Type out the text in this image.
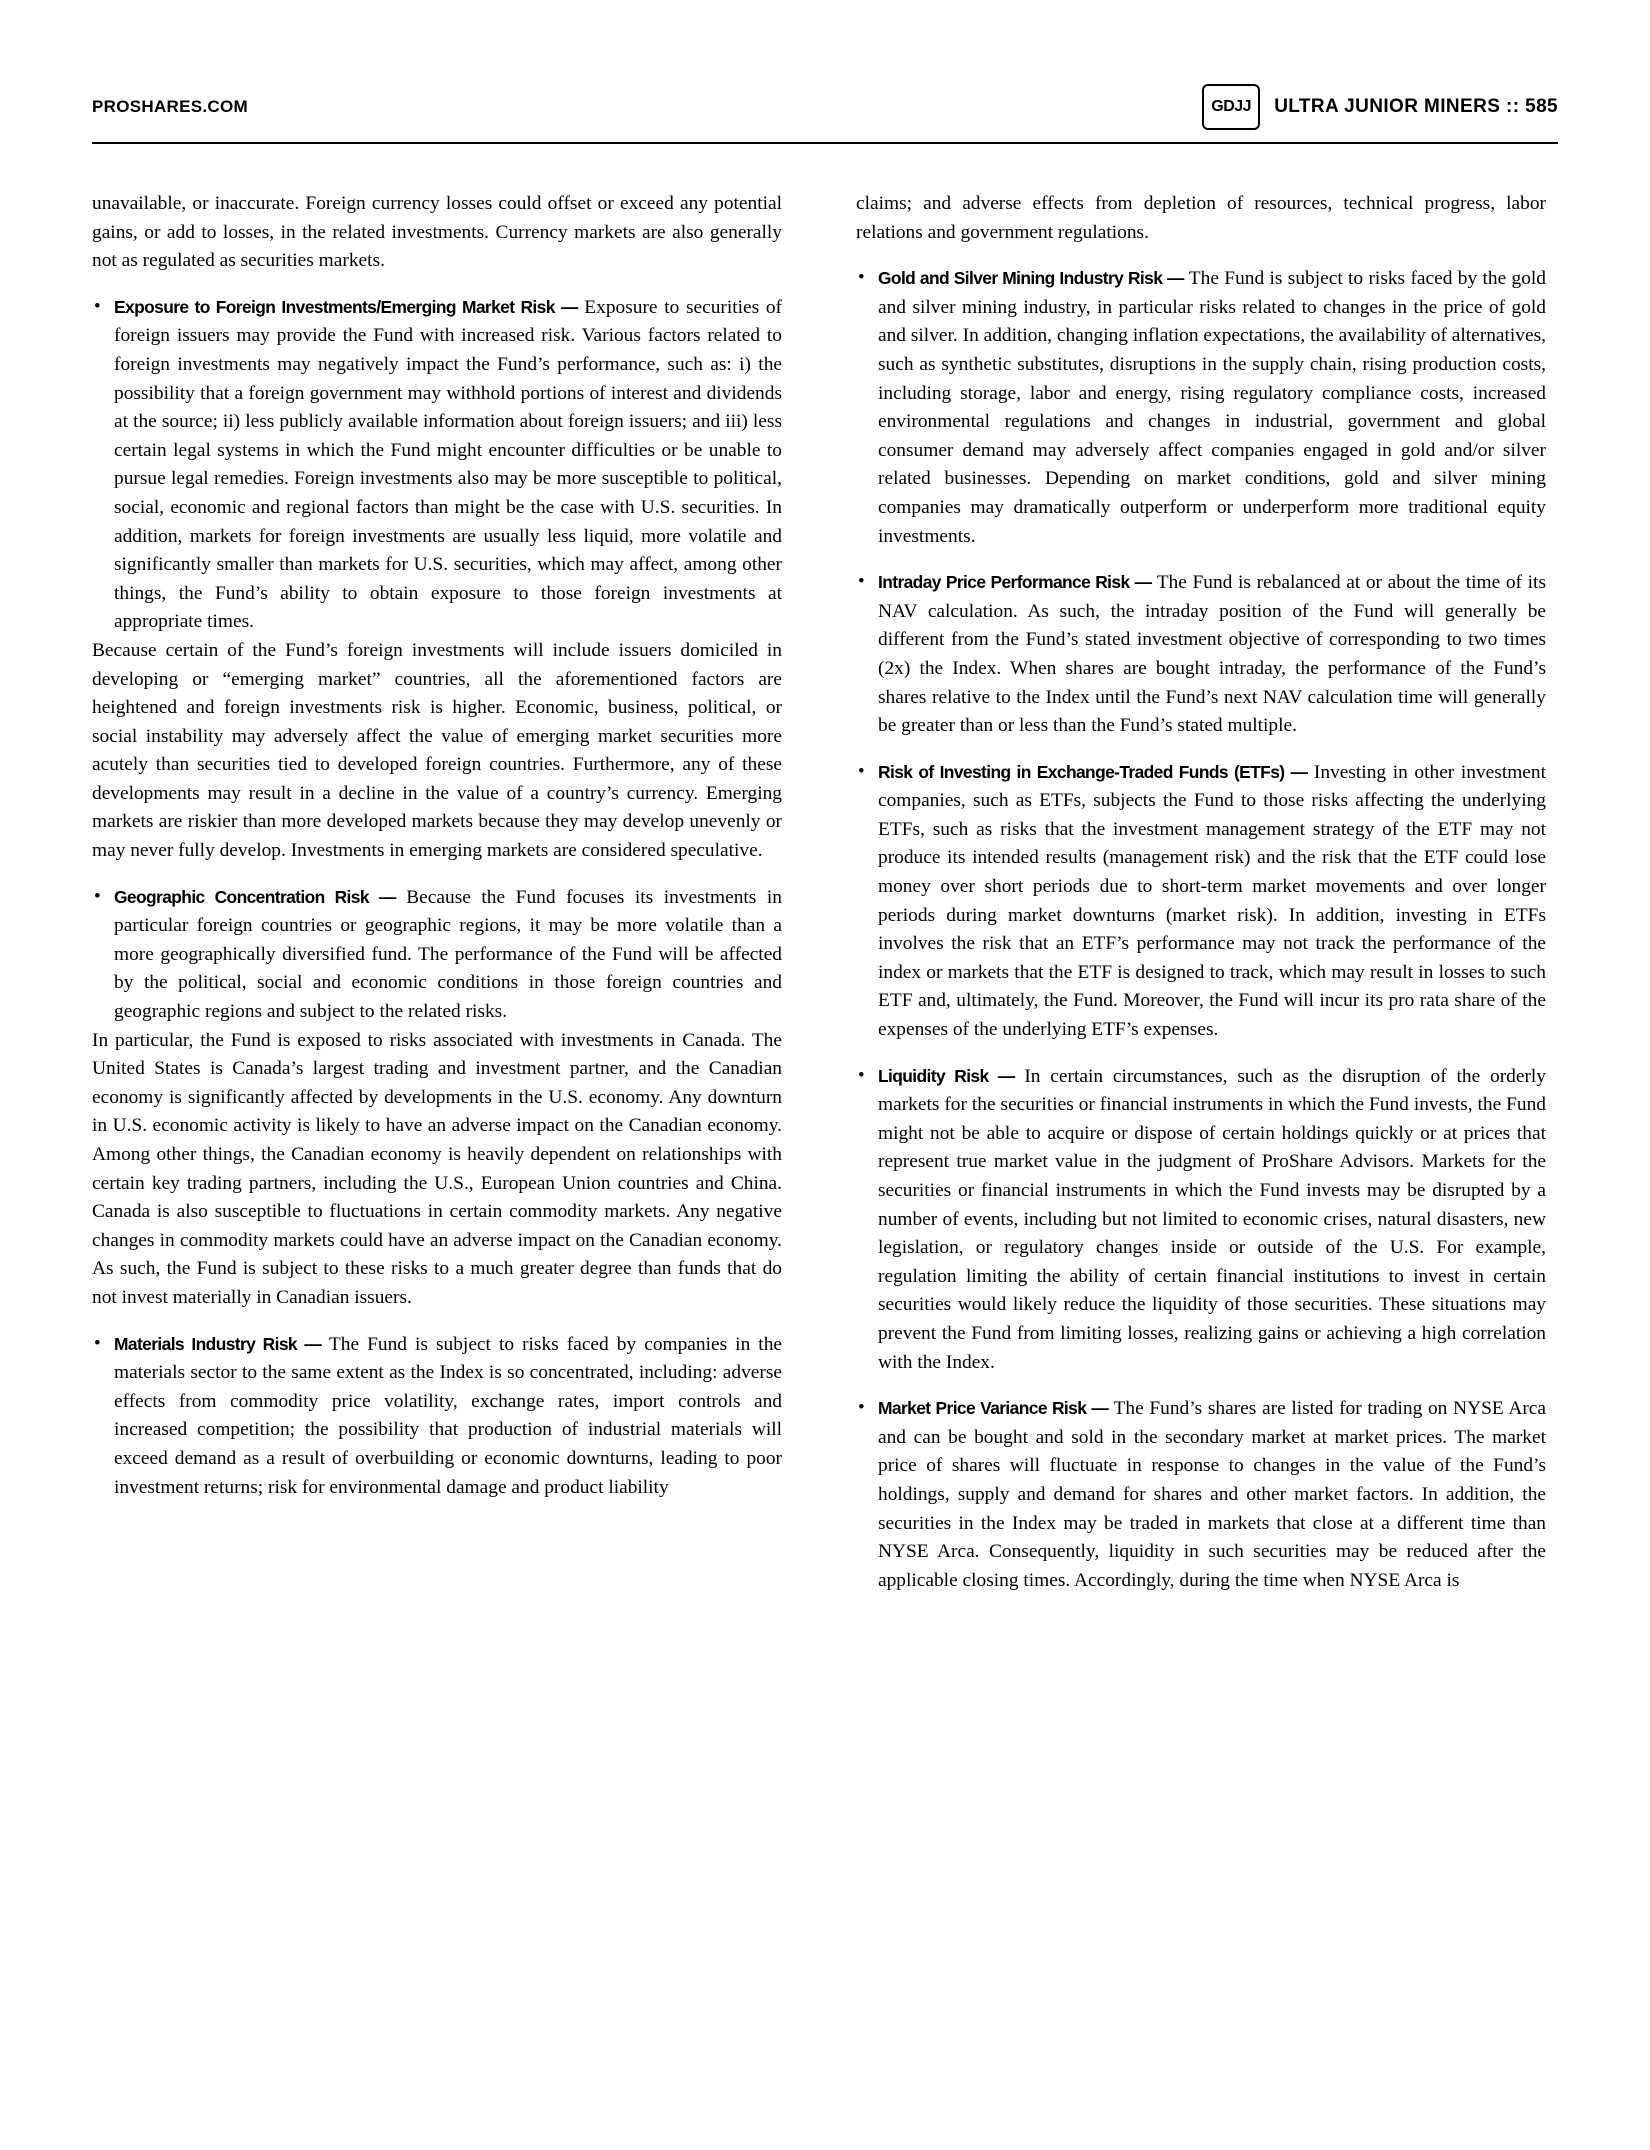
PROSHARES.COM	GDJJ	ULTRA JUNIOR MINERS :: 585

unavailable, or inaccurate. Foreign currency losses could offset or exceed any potential gains, or add to losses, in the related investments. Currency markets are also generally not as regulated as securities markets.

• Exposure to Foreign Investments/Emerging Market Risk — Exposure to securities of foreign issuers may provide the Fund with increased risk. Various factors related to foreign investments may negatively impact the Fund’s performance, such as: i) the possibility that a foreign government may withhold portions of interest and dividends at the source; ii) less publicly available information about foreign issuers; and iii) less certain legal systems in which the Fund might encounter difficulties or be unable to pursue legal remedies. Foreign investments also may be more susceptible to political, social, economic and regional factors than might be the case with U.S. securities. In addition, markets for foreign investments are usually less liquid, more volatile and significantly smaller than markets for U.S. securities, which may affect, among other things, the Fund’s ability to obtain exposure to those foreign investments at appropriate times.

Because certain of the Fund’s foreign investments will include issuers domiciled in developing or “emerging market” countries, all the aforementioned factors are heightened and foreign investments risk is higher. Economic, business, political, or social instability may adversely affect the value of emerging market securities more acutely than securities tied to developed foreign countries. Furthermore, any of these developments may result in a decline in the value of a country’s currency. Emerging markets are riskier than more developed markets because they may develop unevenly or may never fully develop. Investments in emerging markets are considered speculative.

• Geographic Concentration Risk — Because the Fund focuses its investments in particular foreign countries or geographic regions, it may be more volatile than a more geographically diversified fund. The performance of the Fund will be affected by the political, social and economic conditions in those foreign countries and geographic regions and subject to the related risks.

In particular, the Fund is exposed to risks associated with investments in Canada. The United States is Canada’s largest trading and investment partner, and the Canadian economy is significantly affected by developments in the U.S. economy. Any downturn in U.S. economic activity is likely to have an adverse impact on the Canadian economy. Among other things, the Canadian economy is heavily dependent on relationships with certain key trading partners, including the U.S., European Union countries and China. Canada is also susceptible to fluctuations in certain commodity markets. Any negative changes in commodity markets could have an adverse impact on the Canadian economy. As such, the Fund is subject to these risks to a much greater degree than funds that do not invest materially in Canadian issuers.

• Materials Industry Risk — The Fund is subject to risks faced by companies in the materials sector to the same extent as the Index is so concentrated, including: adverse effects from commodity price volatility, exchange rates, import controls and increased competition; the possibility that production of industrial materials will exceed demand as a result of overbuilding or economic downturns, leading to poor investment returns; risk for environmental damage and product liability

claims; and adverse effects from depletion of resources, technical progress, labor relations and government regulations.

• Gold and Silver Mining Industry Risk — The Fund is subject to risks faced by the gold and silver mining industry, in particular risks related to changes in the price of gold and silver. In addition, changing inflation expectations, the availability of alternatives, such as synthetic substitutes, disruptions in the supply chain, rising production costs, including storage, labor and energy, rising regulatory compliance costs, increased environmental regulations and changes in industrial, government and global consumer demand may adversely affect companies engaged in gold and/or silver related businesses. Depending on market conditions, gold and silver mining companies may dramatically outperform or underperform more traditional equity investments.
• Intraday Price Performance Risk — The Fund is rebalanced at or about the time of its NAV calculation. As such, the intraday position of the Fund will generally be different from the Fund’s stated investment objective of corresponding to two times (2x) the Index. When shares are bought intraday, the performance of the Fund’s shares relative to the Index until the Fund’s next NAV calculation time will generally be greater than or less than the Fund’s stated multiple.
• Risk of Investing in Exchange-Traded Funds (ETFs) — Investing in other investment companies, such as ETFs, subjects the Fund to those risks affecting the underlying ETFs, such as risks that the investment management strategy of the ETF may not produce its intended results (management risk) and the risk that the ETF could lose money over short periods due to short-term market movements and over longer periods during market downturns (market risk). In addition, investing in ETFs involves the risk that an ETF’s performance may not track the performance of the index or markets that the ETF is designed to track, which may result in losses to such ETF and, ultimately, the Fund. Moreover, the Fund will incur its pro rata share of the expenses of the underlying ETF’s expenses.
• Liquidity Risk — In certain circumstances, such as the disruption of the orderly markets for the securities or financial instruments in which the Fund invests, the Fund might not be able to acquire or dispose of certain holdings quickly or at prices that represent true market value in the judgment of ProShare Advisors. Markets for the securities or financial instruments in which the Fund invests may be disrupted by a number of events, including but not limited to economic crises, natural disasters, new legislation, or regulatory changes inside or outside of the U.S. For example, regulation limiting the ability of certain financial institutions to invest in certain securities would likely reduce the liquidity of those securities. These situations may prevent the Fund from limiting losses, realizing gains or achieving a high correlation with the Index.
• Market Price Variance Risk — The Fund’s shares are listed for trading on NYSE Arca and can be bought and sold in the secondary market at market prices. The market price of shares will fluctuate in response to changes in the value of the Fund’s holdings, supply and demand for shares and other market factors. In addition, the securities in the Index may be traded in markets that close at a different time than NYSE Arca. Consequently, liquidity in such securities may be reduced after the applicable closing times. Accordingly, during the time when NYSE Arca is
